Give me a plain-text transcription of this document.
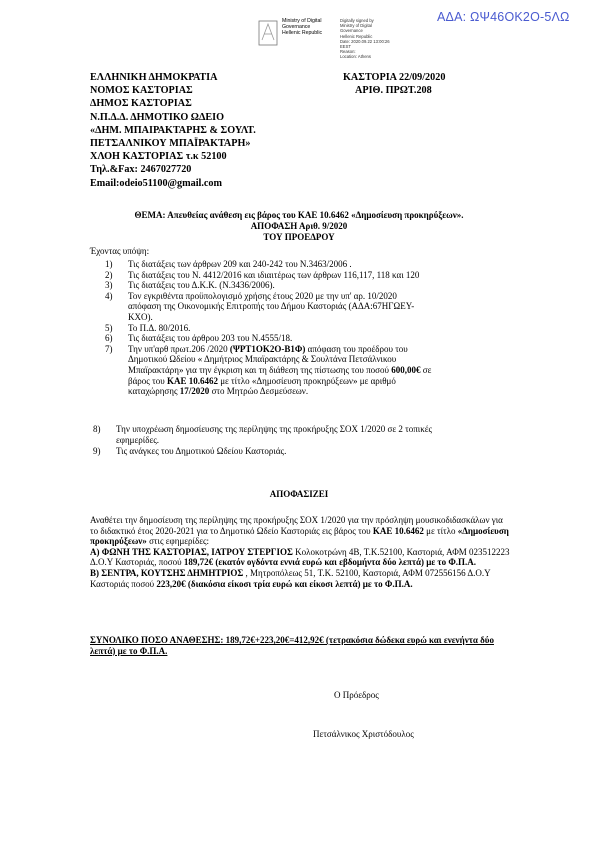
ΑΔΑ: ΩΨ46ΟΚ2Ο-5ΛΩ
Ministry of Digital
Governance
Hellenic Republic
Digitally signed by
Ministry of Digital
Governance
Hellenic Republic
Date: 2020.09.22 13:00:26
EEST
Reason:
Location: Athens
ΕΛΛΗΝΙΚΗ ΔΗΜΟΚΡΑΤΙΑ
ΝΟΜΟΣ ΚΑΣΤΟΡΙΑΣ
ΔΗΜΟΣ ΚΑΣΤΟΡΙΑΣ
Ν.Π.Δ.Δ. ΔΗΜΟΤΙΚΟ ΩΔΕΙΟ
«ΔΗΜ. ΜΠΑΙΡΑΚΤΑΡΗΣ & ΣΟΥΛΤ.
ΠΕΤΣΑΛΝΙΚΟΥ ΜΠΑΪΡΑΚΤΑΡΗ»
ΧΛΟΗ ΚΑΣΤΟΡΙΑΣ τ.κ 52100
Τηλ.&Fax: 2467027720
Email:odeio51100@gmail.com
ΚΑΣΤΟΡΙΑ 22/09/2020
ΑΡΙΘ. ΠΡΩΤ.208
ΘΕΜΑ: Απευθείας ανάθεση εις βάρος του ΚΑΕ 10.6462 «Δημοσίευση προκηρύξεων».
ΑΠΟΦΑΣΗ Αριθ. 9/2020
ΤΟΥ ΠΡΟΕΔΡΟΥ
Έχοντας υπόψη:
1) Τις διατάξεις των άρθρων 209 και 240-242 του Ν.3463/2006 .
2) Τις διατάξεις του Ν. 4412/2016 και ιδιαιτέρως των άρθρων 116,117, 118 και 120
3) Τις διατάξεις του Δ.Κ.Κ. (Ν.3436/2006).
4) Τον εγκριθέντα προϋπολογισμό χρήσης έτους 2020 με την υπ' αρ. 10/2020 απόφαση της Οικονομικής Επιτροπής του Δήμου Καστοριάς (ΑΔΑ:67ΗΓΩΕΥ-ΚΧΟ).
5) Το Π.Δ. 80/2016.
6) Τις διατάξεις του άρθρου 203 του Ν.4555/18.
7) Την υπ'αρθ πρωτ.206 /2020 (ΨΡΤ1ΟΚ2Ο-Β1Φ) απόφαση του προέδρου του Δημοτικού Ωδείου « Δημήτριος Μπαϊρακτάρης & Σουλτάνα Πετσάλνικου Μπαϊρακτάρη» για την έγκριση και τη διάθεση της πίστωσης του ποσού 600,00€ σε βάρος του ΚΑΕ 10.6462 με τίτλο «Δημοσίευση προκηρύξεων» με αριθμό καταχώρησης 17/2020 στο Μητρώο Δεσμεύσεων.
8) Την υποχρέωση δημοσίευσης της περίληψης της προκήρυξης ΣΟΧ 1/2020 σε 2 τοπικές εφημερίδες.
9) Τις ανάγκες του Δημοτικού Ωδείου Καστοριάς.
ΑΠΟΦΑΣΙΖΕΙ
Αναθέτει την δημοσίευση της περίληψης της προκήρυξης ΣΟΧ 1/2020 για την πρόσληψη μουσικοδιδασκάλων για το διδακτικό έτος 2020-2021 για το Δημοτικό Ωδείο Καστοριάς εις βάρος του ΚΑΕ 10.6462 με τίτλο «Δημοσίευση προκηρύξεων» στις εφημερίδες:
Α) ΦΩΝΗ ΤΗΣ ΚΑΣΤΟΡΙΑΣ, ΙΑΤΡΟΥ ΣΤΕΡΓΙΟΣ Κολοκοτρώνη 4Β, Τ.Κ.52100, Καστοριά, ΑΦΜ 023512223 Δ.Ο.Υ Καστοριάς, ποσού 189,72€ (εκατόν ογδόντα εννιά ευρώ και εβδομήντα δύο λεπτά) με το Φ.Π.Α.
Β) ΣΕΝΤΡΑ, ΚΟΥΤΣΗΣ ΔΗΜΗΤΡΙΟΣ , Μητροπόλεως 51, Τ.Κ. 52100, Καστοριά, ΑΦΜ 072556156 Δ.Ο.Υ Καστοριάς ποσού 223,20€ (διακόσια είκοσι τρία ευρώ και είκοσι λεπτά) με το Φ.Π.Α.
ΣΥΝΟΛΙΚΟ ΠΟΣΟ ΑΝΑΘΕΣΗΣ: 189,72€+223,20€=412,92€ (τετρακόσια δώδεκα ευρώ και ενενήντα δύο λεπτά) με το Φ.Π.Α.
Ο Πρόεδρος
Πετσάλνικος Χριστόδουλος
